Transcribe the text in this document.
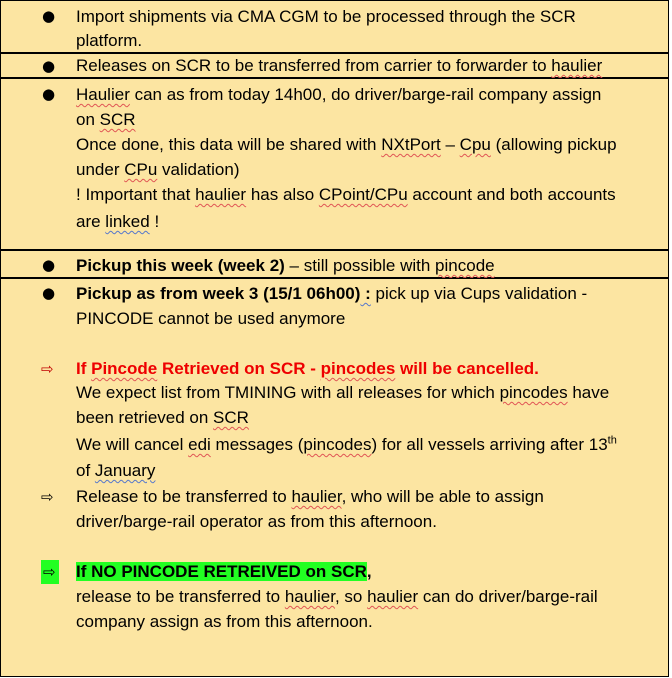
● Import shipments via CMA CGM to be processed through the SCR
platform.
● Releases on SCR to be transferred from carrier to forwarder to haulier
● Haulier can as from today 14h00, do driver/barge-rail company assign
on SCR
Once done, this data will be shared with NXtPort – Cpu (allowing pickup
under CPu validation)
! Important that haulier has also CPoint/CPu account and both accounts
are linked !
● Pickup this week (week 2) – still possible with pincode
● Pickup as from week 3 (15/1 06h00) : pick up via Cups validation -
PINCODE cannot be used anymore
⇨ If Pincode Retrieved on SCR - pincodes will be cancelled.
We expect list from TMINING with all releases for which pincodes have
been retrieved on SCR
We will cancel edi messages (pincodes) for all vessels arriving after 13th
of January
⇨ Release to be transferred to haulier, who will be able to assign
driver/barge-rail operator as from this afternoon.
⇨ If NO PINCODE RETREIVED on SCR,
release to be transferred to haulier, so haulier can do driver/barge-rail
company assign as from this afternoon.
